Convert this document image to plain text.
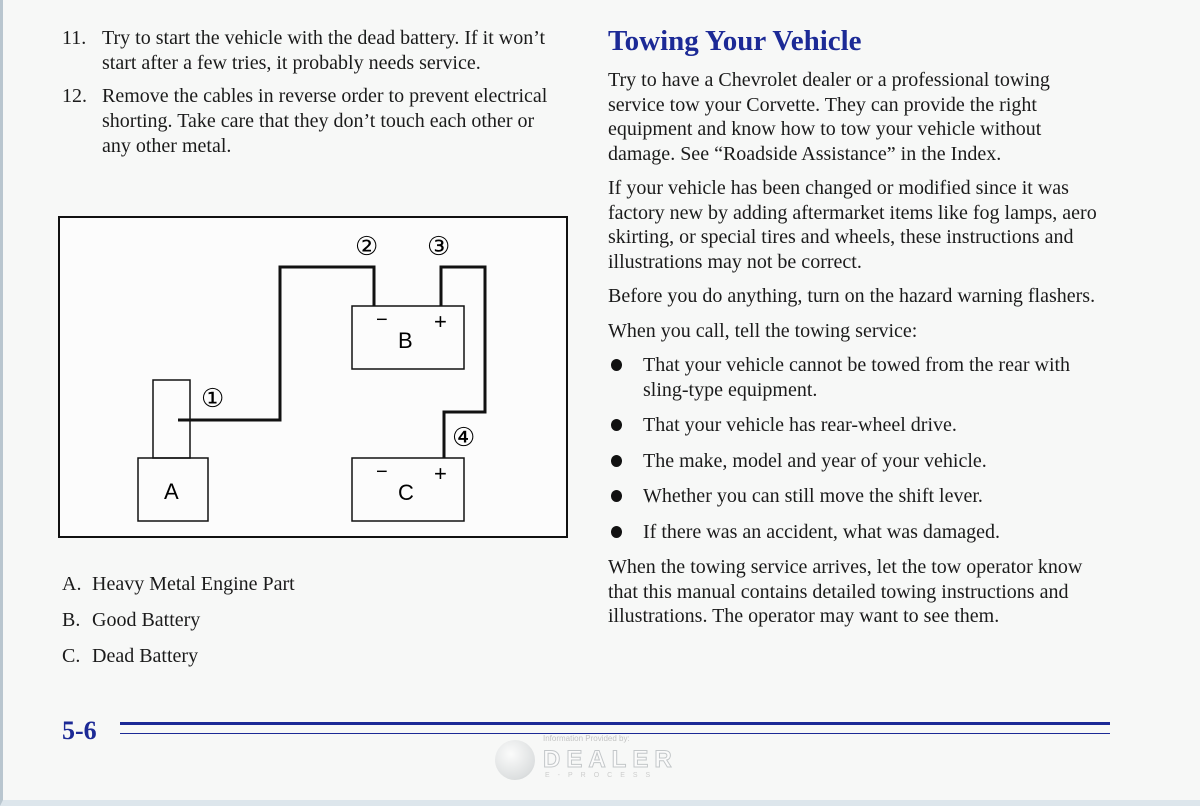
11. Try to start the vehicle with the dead battery. If it won’t start after a few tries, it probably needs service.
12. Remove the cables in reverse order to prevent electrical shorting. Take care that they don’t touch each other or any other metal.
− +
B
− +
C
A
② ③
①
④
A. Heavy Metal Engine Part
B. Good Battery
C. Dead Battery
Towing Your Vehicle

Try to have a Chevrolet dealer or a professional towing service tow your Corvette. They can provide the right equipment and know how to tow your vehicle without damage. See “Roadside Assistance” in the Index.

If your vehicle has been changed or modified since it was factory new by adding aftermarket items like fog lamps, aero skirting, or special tires and wheels, these instructions and illustrations may not be correct.

Before you do anything, turn on the hazard warning flashers.

When you call, tell the towing service:

That your vehicle cannot be towed from the rear with sling-type equipment.
That your vehicle has rear-wheel drive.
The make, model and year of your vehicle.
Whether you can still move the shift lever.
If there was an accident, what was damaged.

When the towing service arrives, let the tow operator know that this manual contains detailed towing instructions and illustrations. The operator may want to see them.

5-6	Information Provided by:
DEALER
E-PROCESS
